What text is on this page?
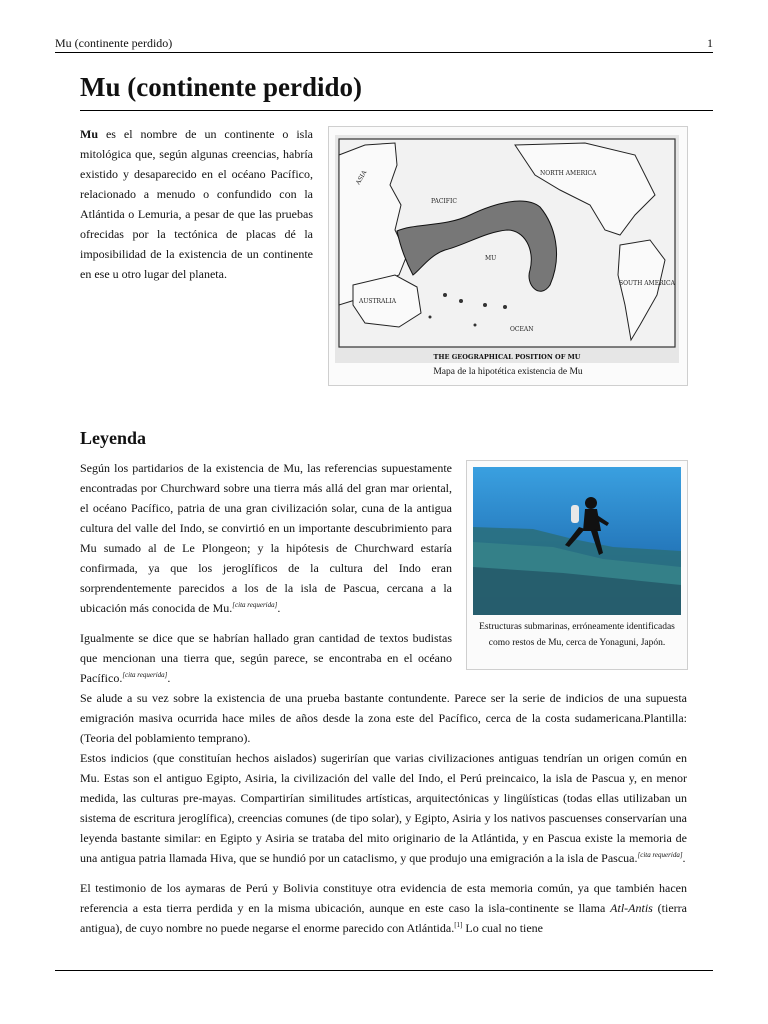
Mu (continente perdido)	1
Mu (continente perdido)

Mu es el nombre de un continente o isla mitológica que, según algunas creencias, habría existido y desaparecido en el océano Pacífico, relacionado a menudo o confundido con la Atlántida o Lemuria, a pesar de que las pruebas ofrecidas por la tectónica de placas dé la imposibilidad de la existencia de un continente en ese u otro lugar del planeta.

ASIA	NORTH AMERICA
PACIFIC
MU
AUSTRALIA
SOUTH AMERICA
OCEAN
THE GEOGRAPHICAL POSITION OF MU
Mapa de la hipotética existencia de Mu
Leyenda
Estructuras submarinas, erróneamente identificadas como restos de Mu, cerca de Yonaguni, Japón.

Según los partidarios de la existencia de Mu, las referencias supuestamente encontradas por Churchward sobre una tierra más allá del gran mar oriental, el océano Pacífico, patria de una gran civilización solar, cuna de la antigua cultura del valle del Indo, se convirtió en un importante descubrimiento para Mu sumado al de Le Plongeon; y la hipótesis de Churchward estaría confirmada, ya que los jeroglíficos de la cultura del Indo eran sorprendentemente parecidos a los de la isla de Pascua, cercana a la ubicación más conocida de Mu.[cita requerida].

Igualmente se dice que se habrían hallado gran cantidad de textos budistas que mencionan una tierra que, según parece, se encontraba en el océano Pacífico.[cita requerida].

Se alude a su vez sobre la existencia de una prueba bastante contundente. Parece ser la serie de indicios de una supuesta emigración masiva ocurrida hace miles de años desde la zona este del Pacífico, cerca de la costa sudamericana.Plantilla:(Teoria del poblamiento temprano).

Estos indicios (que constituían hechos aislados) sugerirían que varias civilizaciones antiguas tendrían un origen común en Mu. Estas son el antiguo Egipto, Asiria, la civilización del valle del Indo, el Perú preincaico, la isla de Pascua y, en menor medida, las culturas pre-mayas. Compartirían similitudes artísticas, arquitectónicas y lingüísticas (todas ellas utilizaban un sistema de escritura jeroglífica), creencias comunes (de tipo solar), y Egipto, Asiria y los nativos pascuenses conservarían una leyenda bastante similar: en Egipto y Asiria se trataba del mito originario de la Atlántida, y en Pascua existe la memoria de una antigua patria llamada Hiva, que se hundió por un cataclismo, y que produjo una emigración a la isla de Pascua.[cita requerida].

El testimonio de los aymaras de Perú y Bolivia constituye otra evidencia de esta memoria común, ya que también hacen referencia a esta tierra perdida y en la misma ubicación, aunque en este caso la isla-continente se llama Atl-Antis (tierra antigua), de cuyo nombre no puede negarse el enorme parecido con Atlántida.[1] Lo cual no tiene
